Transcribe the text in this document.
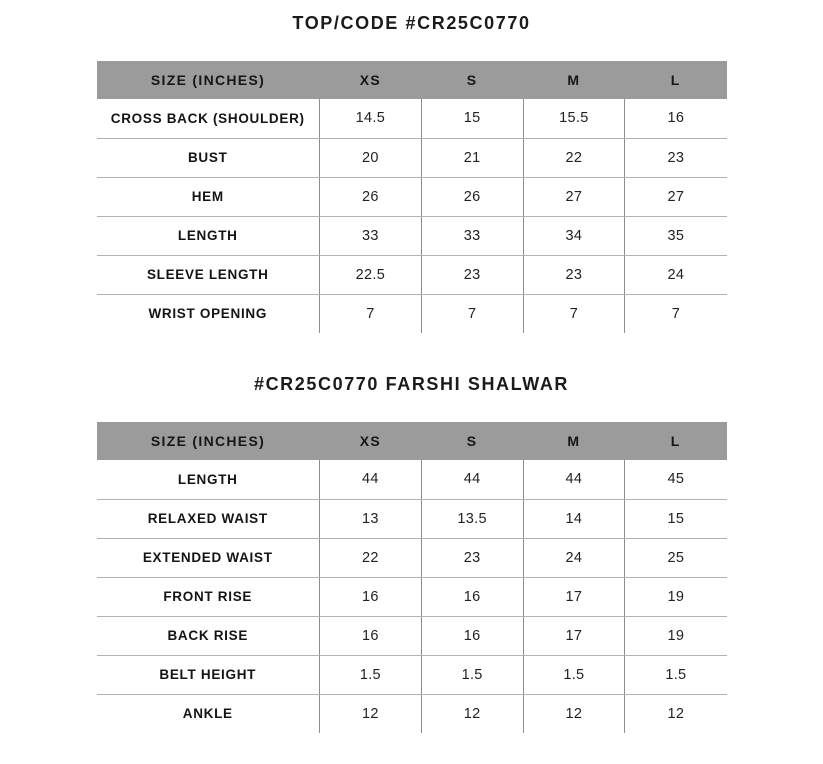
TOP/CODE #CR25C0770
SIZE (INCHES)	XS	S	M	L
CROSS BACK (SHOULDER)	14.5	15	15.5	16
BUST	20	21	22	23
HEM	26	26	27	27
LENGTH	33	33	34	35
SLEEVE LENGTH	22.5	23	23	24
WRIST OPENING	7	7	7	7
#CR25C0770 FARSHI SHALWAR
SIZE (INCHES)	XS	S	M	L
LENGTH	44	44	44	45
RELAXED WAIST	13	13.5	14	15
EXTENDED WAIST	22	23	24	25
FRONT RISE	16	16	17	19
BACK RISE	16	16	17	19
BELT HEIGHT	1.5	1.5	1.5	1.5
ANKLE	12	12	12	12
